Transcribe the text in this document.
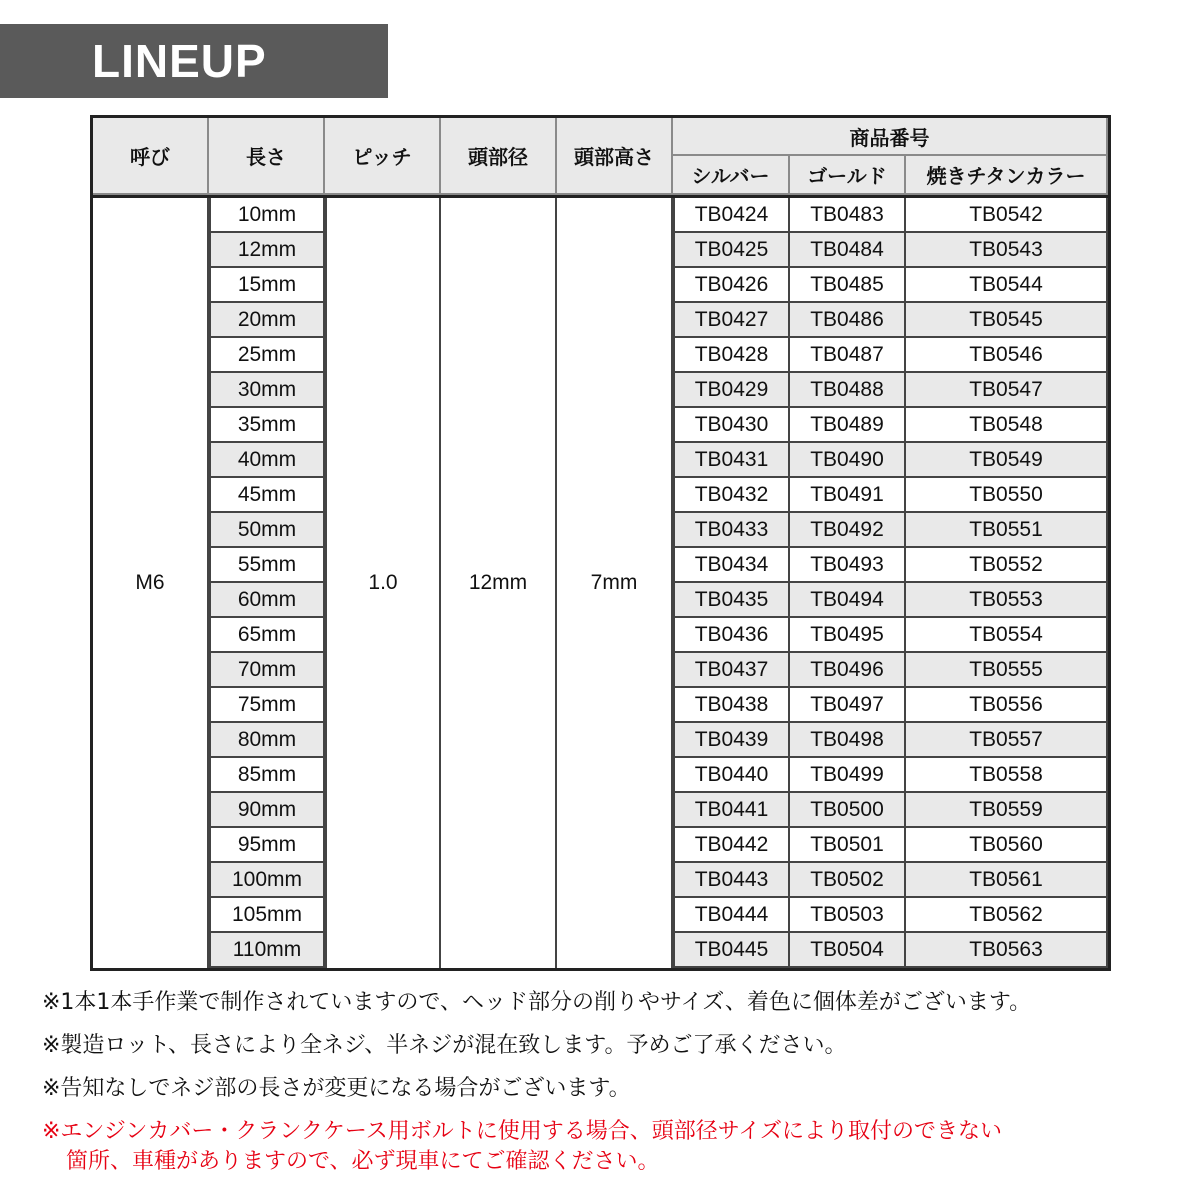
LINEUP
呼び	長さ	ピッチ	頭部径	頭部高さ
商品番号
シルバー	ゴールド	焼きチタンカラー
M6	1.0	12mm	7mm
10mm	TB0424	TB0483	TB0542
12mm	TB0425	TB0484	TB0543
15mm	TB0426	TB0485	TB0544
20mm	TB0427	TB0486	TB0545
25mm	TB0428	TB0487	TB0546
30mm	TB0429	TB0488	TB0547
35mm	TB0430	TB0489	TB0548
40mm	TB0431	TB0490	TB0549
45mm	TB0432	TB0491	TB0550
50mm	TB0433	TB0492	TB0551
55mm	TB0434	TB0493	TB0552
60mm	TB0435	TB0494	TB0553
65mm	TB0436	TB0495	TB0554
70mm	TB0437	TB0496	TB0555
75mm	TB0438	TB0497	TB0556
80mm	TB0439	TB0498	TB0557
85mm	TB0440	TB0499	TB0558
90mm	TB0441	TB0500	TB0559
95mm	TB0442	TB0501	TB0560
100mm	TB0443	TB0502	TB0561
105mm	TB0444	TB0503	TB0562
110mm	TB0445	TB0504	TB0563
※1本1本手作業で制作されていますので、ヘッド部分の削りやサイズ、着色に個体差がございます。
※製造ロット、長さにより全ネジ、半ネジが混在致します。予めご了承ください。
※告知なしでネジ部の長さが変更になる場合がございます。
※エンジンカバー・クランクケース用ボルトに使用する場合、頭部径サイズにより取付のできない
箇所、車種がありますので、必ず現車にてご確認ください。
